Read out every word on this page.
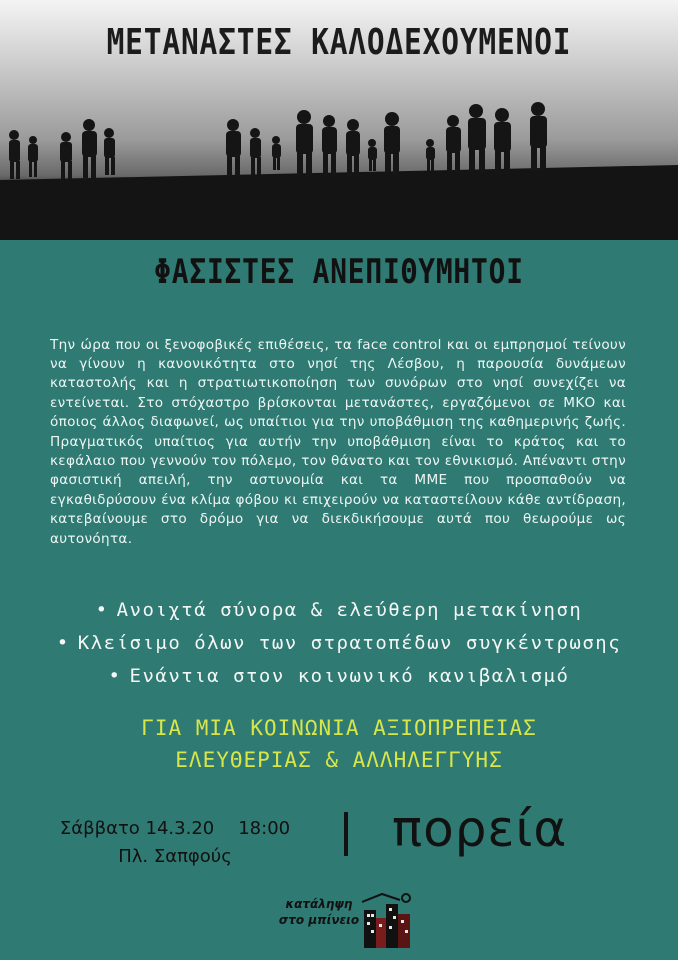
ΜΕΤΑΝΑΣΤΕΣ ΚΑΛΟΔΕΧΟΥΜΕΝΟΙ
ΦΑΣΙΣΤΕΣ ΑΝΕΠΙΘΥΜΗΤΟΙ

Την ώρα που οι ξενοφοβικές επιθέσεις, τα face control και οι εμπρησμοί τείνουν να γίνουν η κανονικότητα στο νησί της Λέσβου, η παρουσία δυνάμεων καταστολής και η στρατιωτικοποίηση των συνόρων στο νησί συνεχίζει να εντείνεται. Στο στόχαστρο βρίσκονται μετανάστες, εργαζόμενοι σε ΜΚΟ και όποιος άλλος διαφωνεί, ως υπαίτιοι για την υποβάθμιση της καθημερινής ζωής. Πραγματικός υπαίτιος για αυτήν την υποβάθμιση είναι το κράτος και το κεφάλαιο που γεννούν τον πόλεμο, τον θάνατο και τον εθνικισμό. Απέναντι στην φασιστική απειλή, την αστυνομία και τα ΜΜΕ που προσπαθούν να εγκαθιδρύσουν ένα κλίμα φόβου κι επιχειρούν να καταστείλουν κάθε αντίδραση, κατεβαίνουμε στο δρόμο για να διεκδικήσουμε αυτά που θεωρούμε ως αυτονόητα.

• Ανοιχτά σύνορα & ελεύθερη μετακίνηση
• Κλείσιμο όλων των στρατοπέδων συγκέντρωσης
• Ενάντια στον κοινωνικό κανιβαλισμό
ΓΙΑ ΜΙΑ ΚΟΙΝΩΝΙΑ ΑΞΙΟΠΡΕΠΕΙΑΣ
ΕΛΕΥΘΕΡΙΑΣ & ΑΛΛΗΛΕΓΓΥΗΣ
Σάββατο 14.3.20 18:00
Πλ. Σαπφούς	πορεία
κατάληψη
στο μπίνειο
